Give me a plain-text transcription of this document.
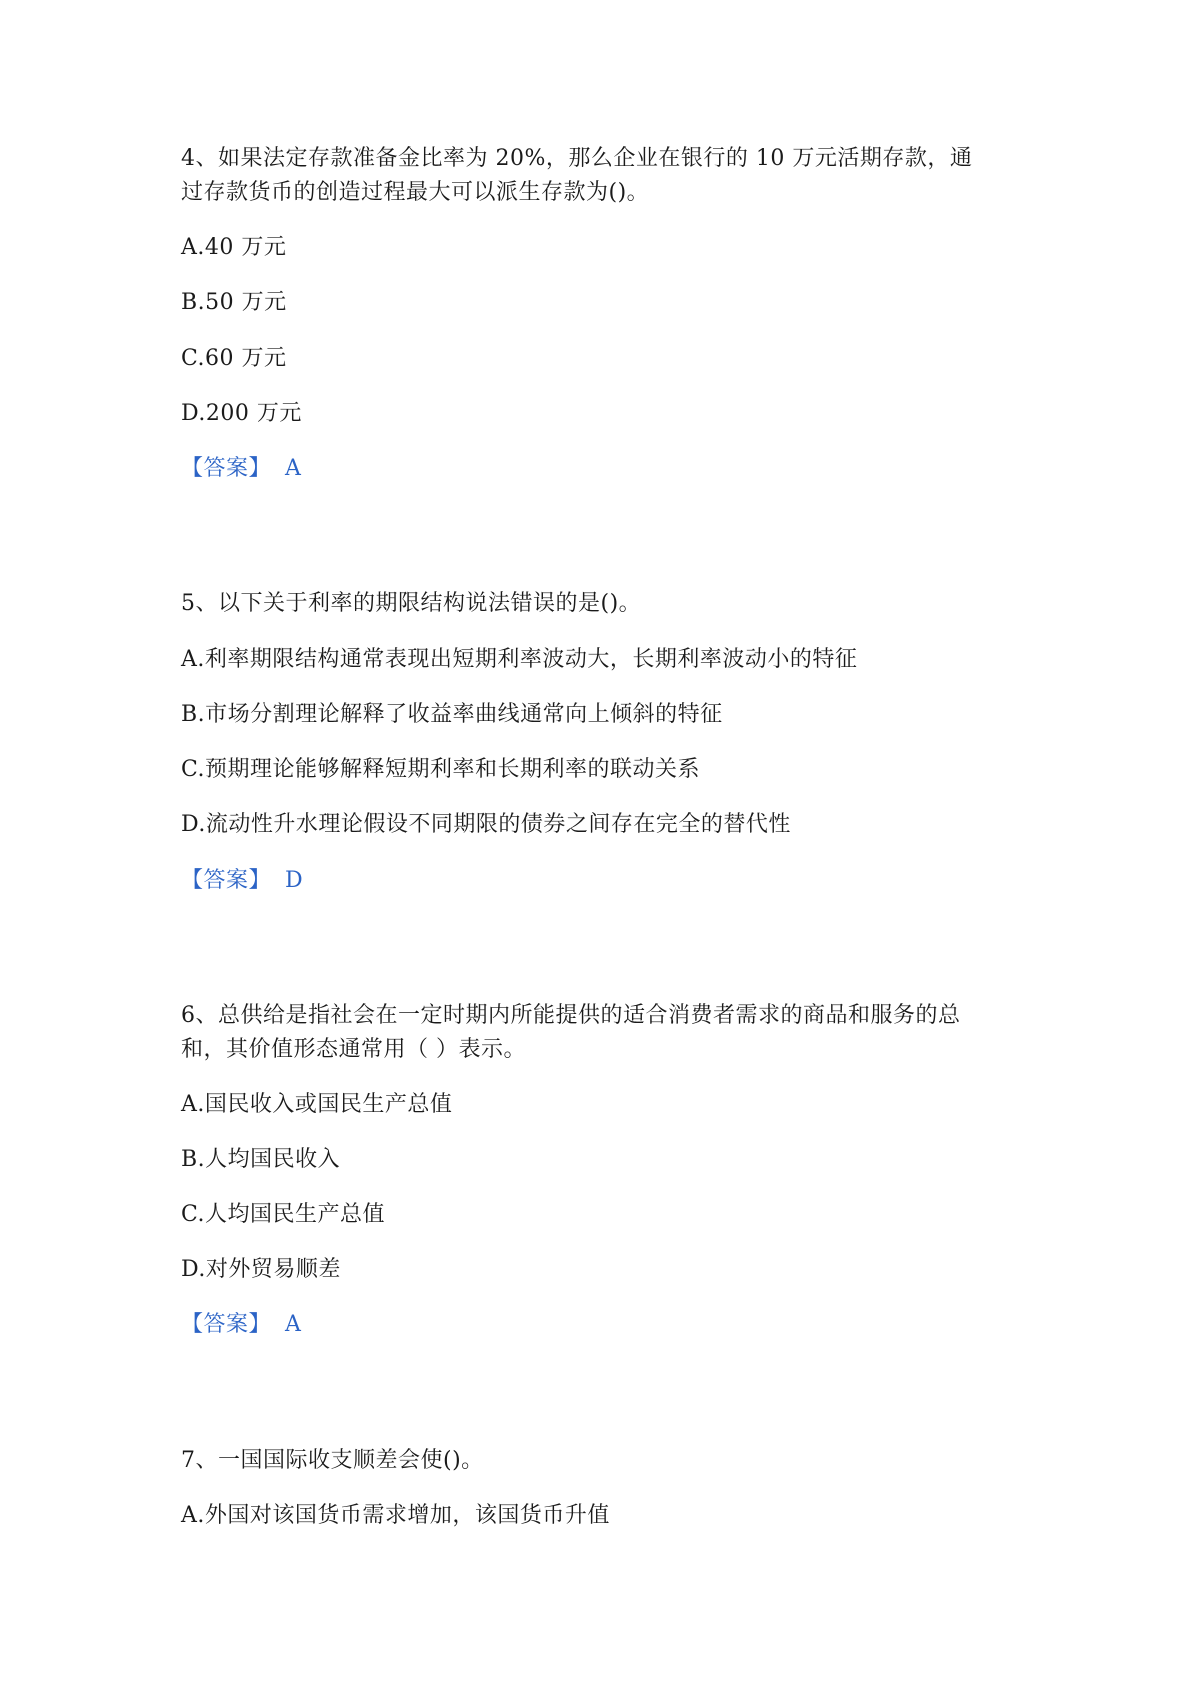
4、如果法定存款准备金比率为 20%，那么企业在银行的 10 万元活期存款，通
过存款货币的创造过程最大可以派生存款为()。
A.40 万元
B.50 万元
C.60 万元
D.200 万元
【答案】 A
5、以下关于利率的期限结构说法错误的是()。
A.利率期限结构通常表现出短期利率波动大，长期利率波动小的特征
B.市场分割理论解释了收益率曲线通常向上倾斜的特征
C.预期理论能够解释短期利率和长期利率的联动关系
D.流动性升水理论假设不同期限的债券之间存在完全的替代性
【答案】 D
6、总供给是指社会在一定时期内所能提供的适合消费者需求的商品和服务的总
和，其价值形态通常用（ ）表示。
A.国民收入或国民生产总值
B.人均国民收入
C.人均国民生产总值
D.对外贸易顺差
【答案】 A
7、一国国际收支顺差会使()。
A.外国对该国货币需求增加，该国货币升值
